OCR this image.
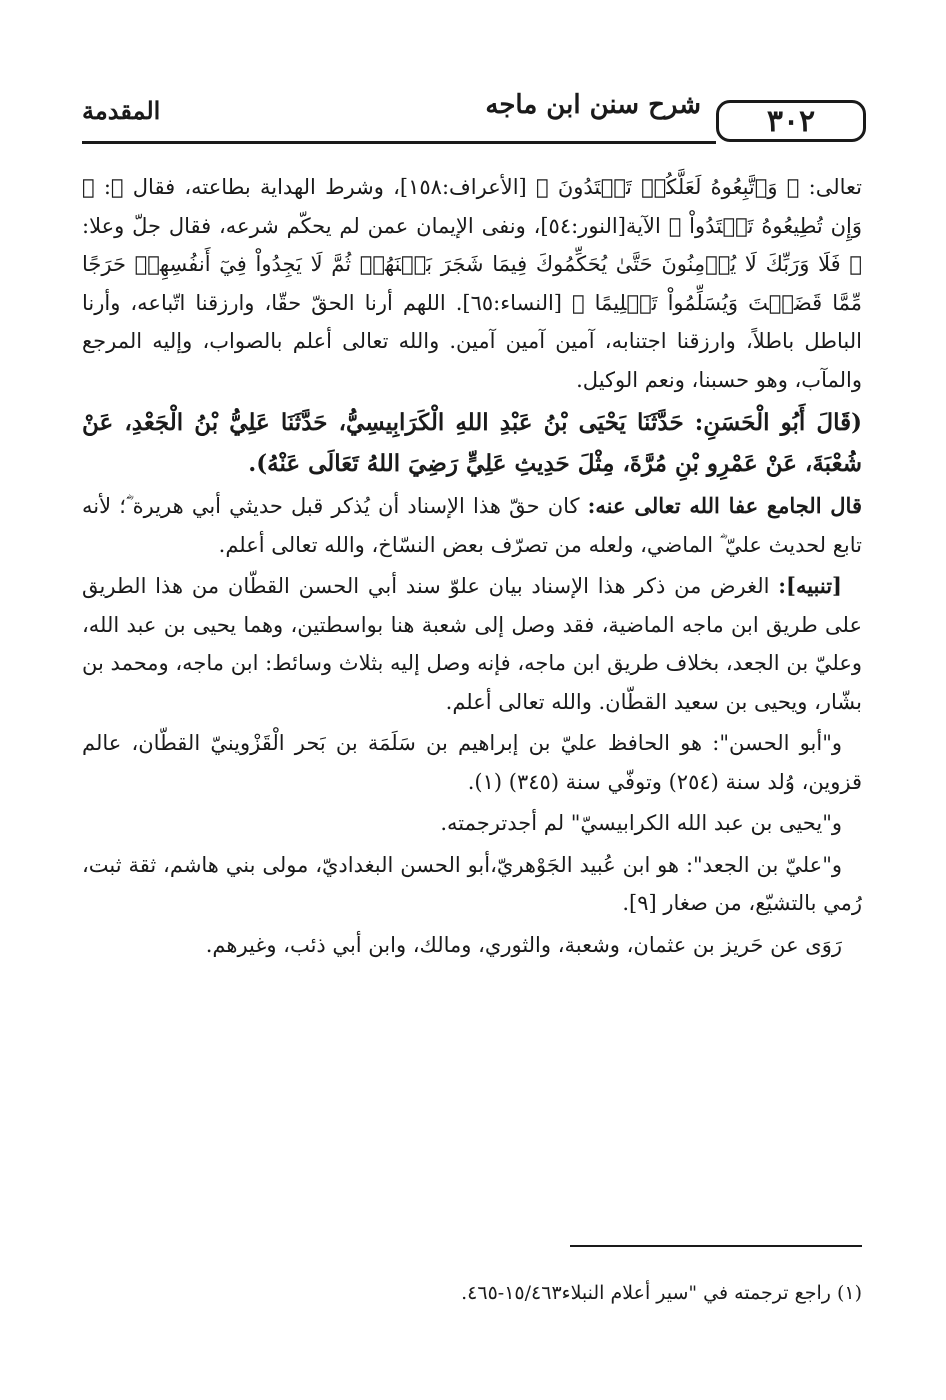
٣٠٢
شرح سنن ابن ماجه
المقدمة

تعالى: ﴿ وَٱتَّبِعُوهُ لَعَلَّكُمۡ تَهۡتَدُونَ ﴾ [الأعراف:١٥٨]، وشرط الهداية بطاعته، فقال ﷺ: ﴿ وَإِن تُطِيعُوهُ تَهۡتَدُواْ ﴾ الآية[النور:٥٤]، ونفى الإيمان عمن لم يحكّم شرعه، فقال جلّ وعلا: ﴿ فَلَا وَرَبِّكَ لَا يُؤۡمِنُونَ حَتَّىٰ يُحَكِّمُوكَ فِيمَا شَجَرَ بَيۡنَهُمۡ ثُمَّ لَا يَجِدُواْ فِيٓ أَنفُسِهِمۡ حَرَجًا مِّمَّا قَضَيۡتَ وَيُسَلِّمُواْ تَسۡلِيمًا ﴾ [النساء:٦٥]. اللهم أرنا الحقّ حقّا، وارزقنا اتّباعه، وأرنا الباطل باطلاً، وارزقنا اجتنابه، آمين آمين آمين. والله تعالى أعلم بالصواب، وإليه المرجع والمآب، وهو حسبنا، ونعم الوكيل.

(قَالَ أَبُو الْحَسَنِ: حَدَّثَنَا يَحْيَى بْنُ عَبْدِ اللهِ الْكَرَابِيسِيُّ، حَدَّثَنَا عَلِيُّ بْنُ الْجَعْدِ، عَنْ شُعْبَةَ، عَنْ عَمْرِو بْنِ مُرَّةَ، مِثْلَ حَدِيثِ عَلِيٍّ رَضِيَ اللهُ تَعَالَى عَنْهُ).

قال الجامع عفا الله تعالى عنه: كان حقّ هذا الإسناد أن يُذكر قبل حديثي أبي هريرة ؓ؛ لأنه تابع لحديث عليّ ؓ الماضي، ولعله من تصرّف بعض النسّاخ، والله تعالى أعلم.

[تنبيه]: الغرض من ذكر هذا الإسناد بيان علوّ سند أبي الحسن القطّان من هذا الطريق على طريق ابن ماجه الماضية، فقد وصل إلى شعبة هنا بواسطتين، وهما يحيى بن عبد الله، وعليّ بن الجعد، بخلاف طريق ابن ماجه، فإنه وصل إليه بثلاث وسائط: ابن ماجه، ومحمد بن بشّار، ويحيى بن سعيد القطّان. والله تعالى أعلم.

و"أبو الحسن": هو الحافظ عليّ بن إبراهيم بن سَلَمَة بن بَحر الْقَزْوينيّ القطّان، عالم قزوين، وُلد سنة (٢٥٤) وتوفّي سنة (٣٤٥) (١).

و"يحيى بن عبد الله الكرابيسيّ" لم أجدترجمته.

و"عليّ بن الجعد": هو ابن عُبيد الجَوْهريّ،أبو الحسن البغداديّ، مولى بني هاشم، ثقة ثبت، رُمي بالتشيّع، من صغار [٩].

رَوَى عن حَريز بن عثمان، وشعبة، والثوري، ومالك، وابن أبي ذئب، وغيرهم.

(١) راجع ترجمته في "سير أعلام النبلاء١٥/٤٦٣-٤٦٥.
